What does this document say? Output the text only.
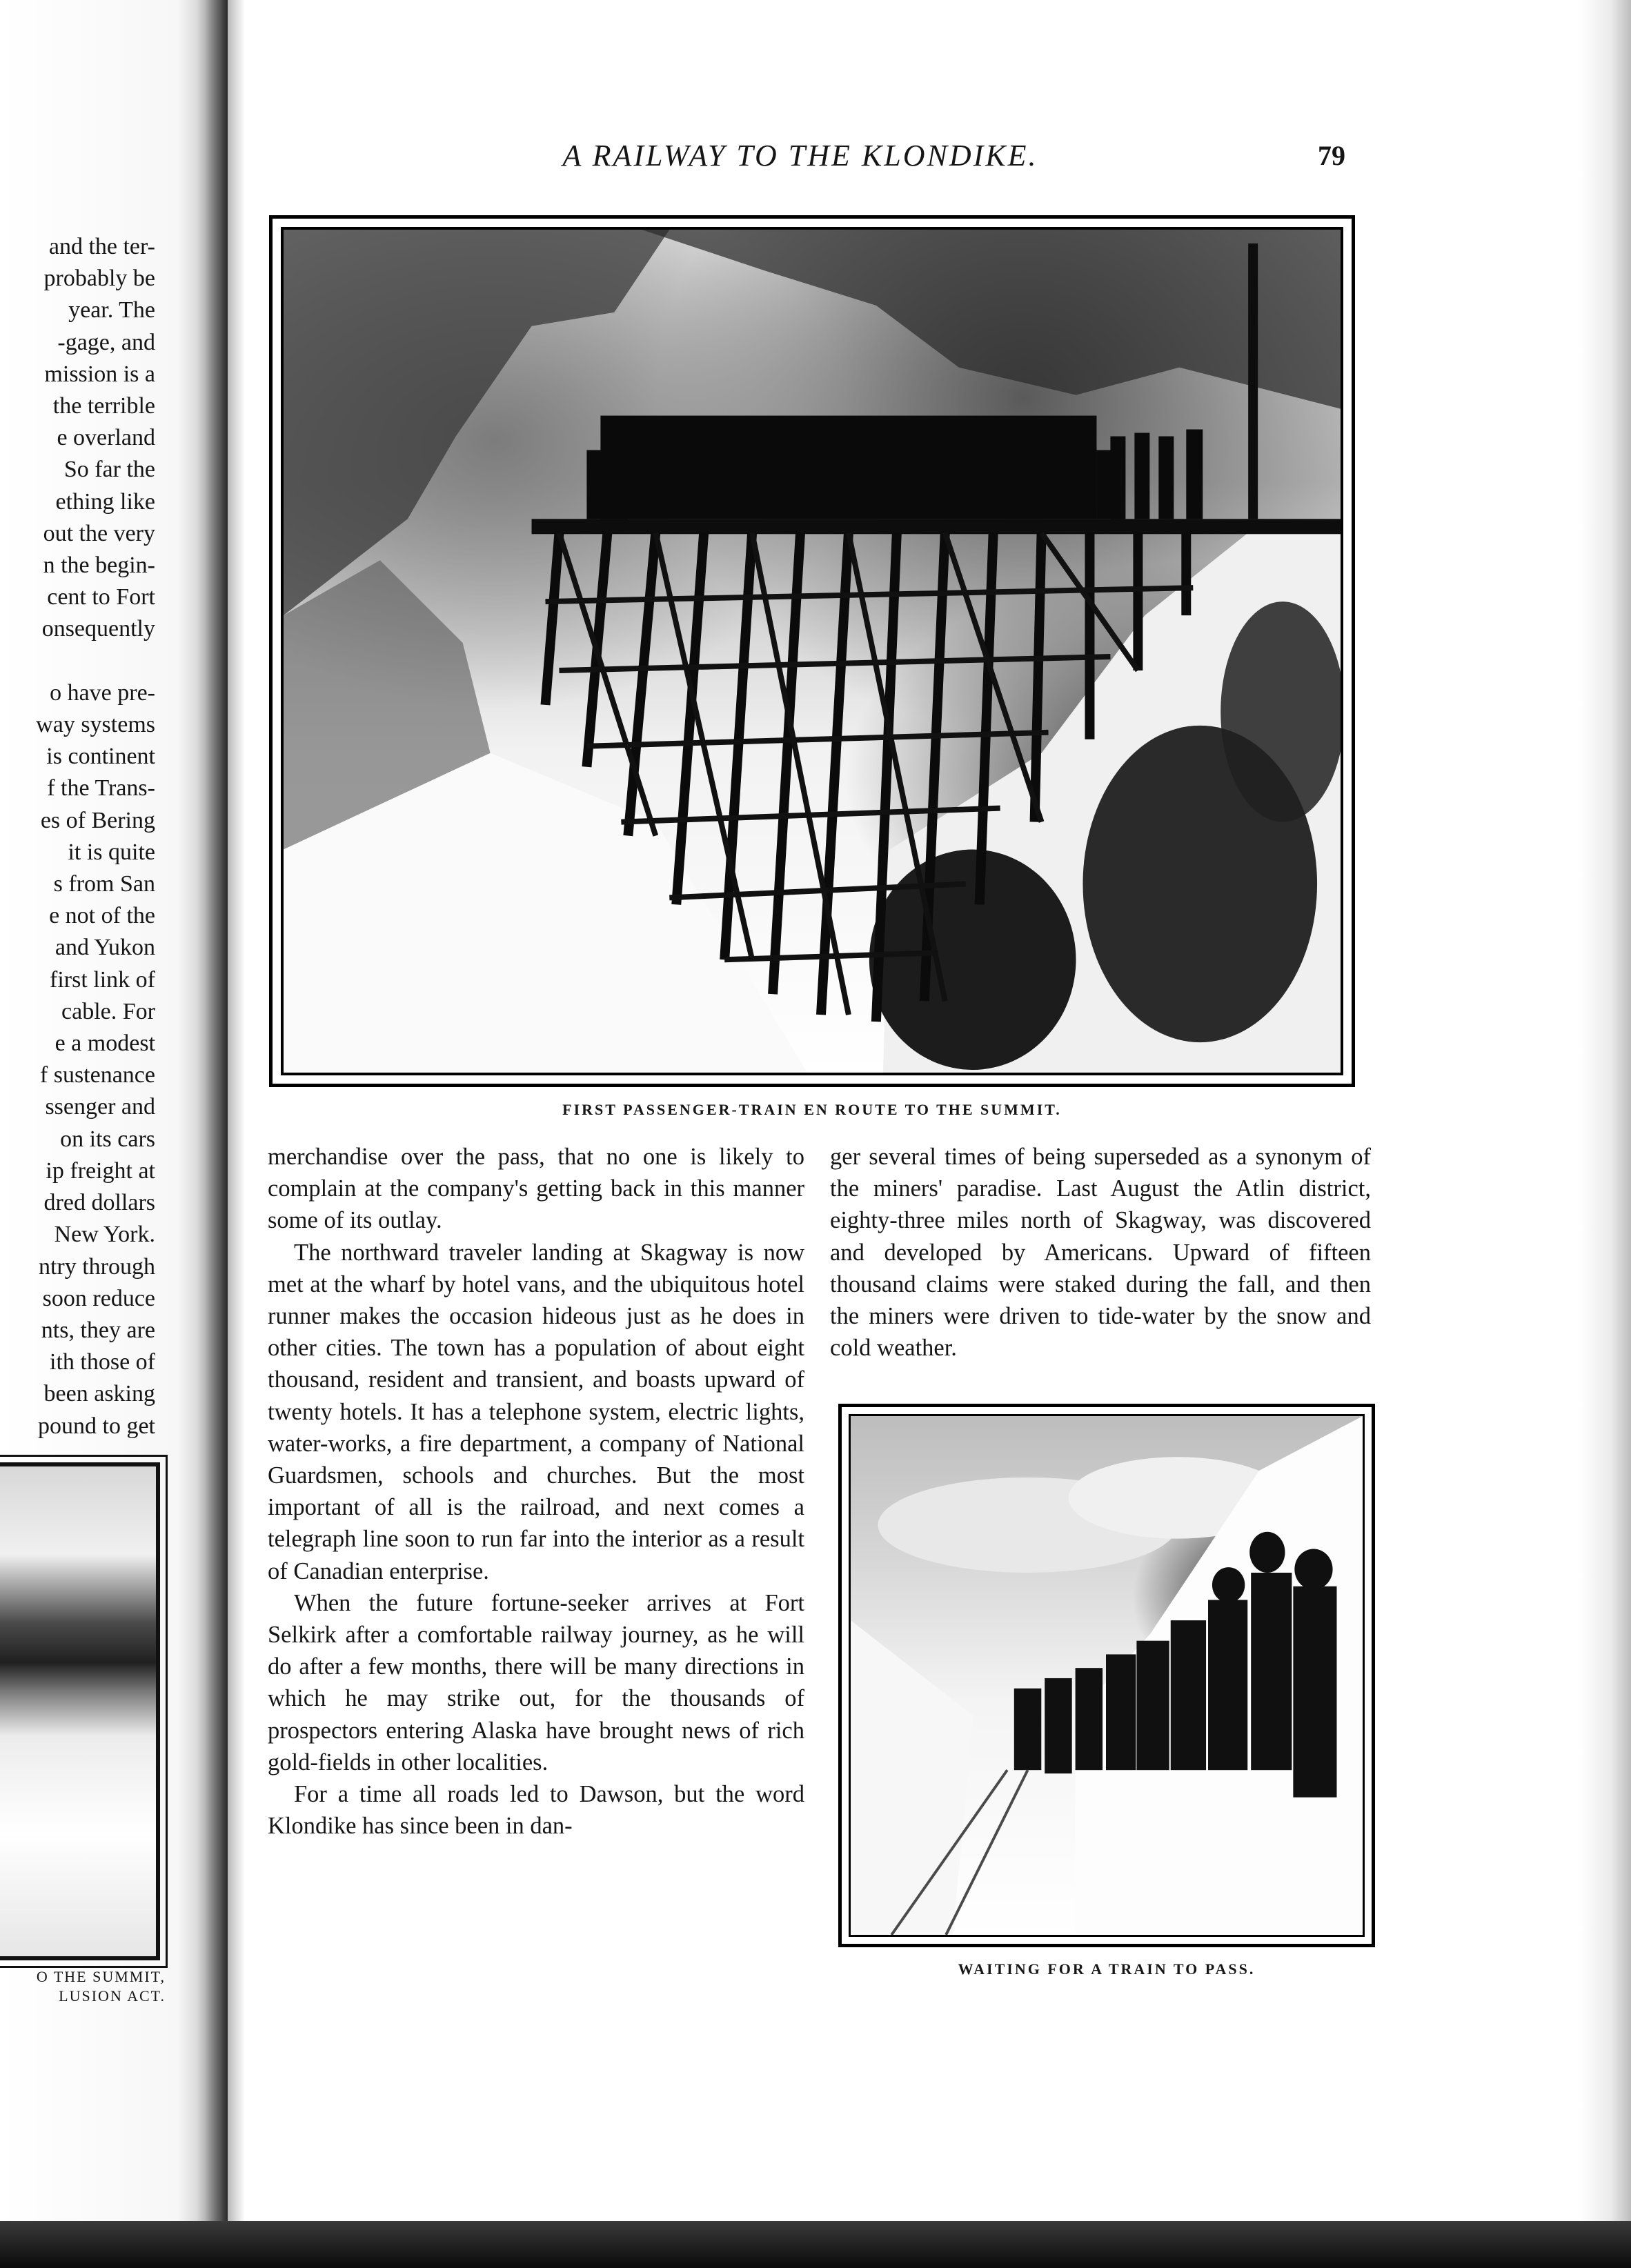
and the ter-
probably be
year. The
-gage, and
mission is a
the terrible
e overland
So far the
ething like
out the very
n the begin-
cent to Fort
onsequently

o have pre-
way systems
is continent
f the Trans-
es of Bering
it is quite
s from San
e not of the
and Yukon
first link of
cable. For
e a modest
f sustenance
ssenger and
on its cars
ip freight at
dred dollars
New York.
ntry through
soon reduce
nts, they are
ith those of
been asking
pound to get
O THE SUMMIT,
LUSION ACT.
A RAILWAY TO THE KLONDIKE.	79
FIRST PASSENGER-TRAIN EN ROUTE TO THE SUMMIT.

merchandise over the pass, that no one is likely to complain at the company's getting back in this manner some of its outlay.

The northward traveler landing at Skagway is now met at the wharf by hotel vans, and the ubiquitous hotel runner makes the occasion hideous just as he does in other cities. The town has a population of about eight thousand, resident and transient, and boasts upward of twenty hotels. It has a telephone system, electric lights, water-works, a fire department, a company of National Guardsmen, schools and churches. But the most important of all is the railroad, and next comes a telegraph line soon to run far into the interior as a result of Canadian enterprise.

When the future fortune-seeker arrives at Fort Selkirk after a comfortable railway journey, as he will do after a few months, there will be many directions in which he may strike out, for the thousands of prospectors entering Alaska have brought news of rich gold-fields in other localities.

For a time all roads led to Dawson, but the word Klondike has since been in dan-

ger several times of being superseded as a synonym of the miners' paradise. Last August the Atlin district, eighty-three miles north of Skagway, was discovered and developed by Americans. Upward of fifteen thousand claims were staked during the fall, and then the miners were driven to tide-water by the snow and cold weather.

WAITING FOR A TRAIN TO PASS.
